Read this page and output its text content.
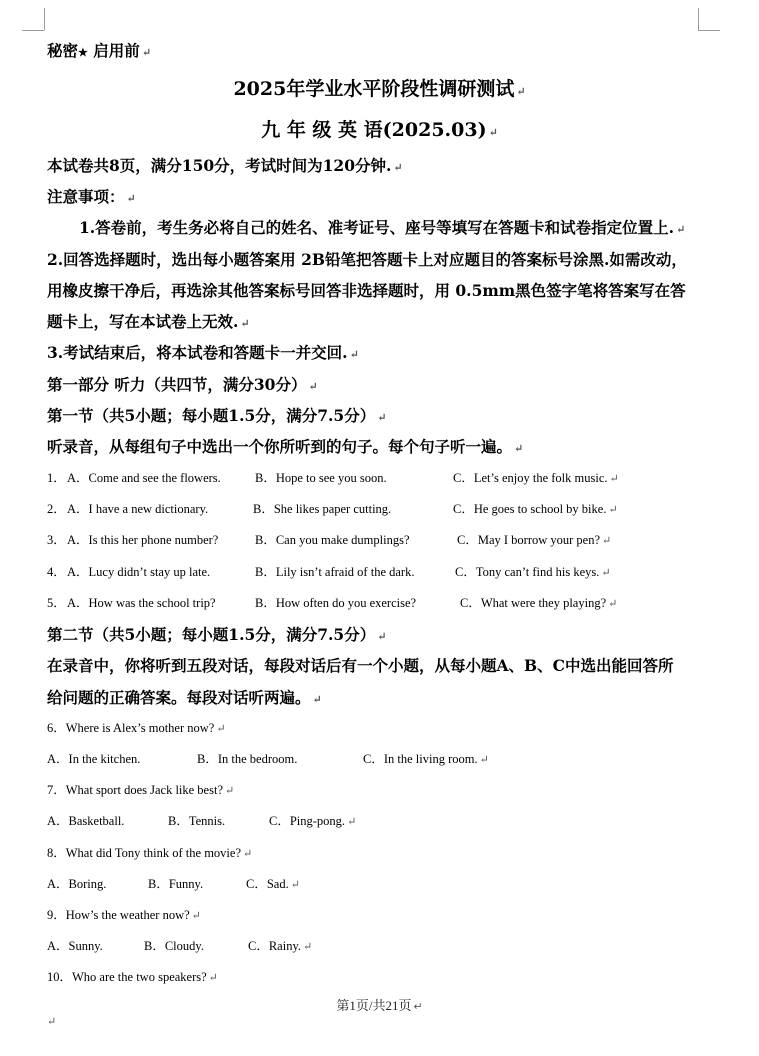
秘密★ 启用前 ↵
2025年学业水平阶段性调研测试 ↵
九 年 级 英 语(2025.03) ↵
本试卷共8页，满分150分，考试时间为120分钟. ↵
注意事项： ↵
1.答卷前，考生务必将自己的姓名、准考证号、座号等填写在答题卡和试卷指定位置上. ↵
2.回答选择题时，选出每小题答案用 2B铅笔把答题卡上对应题目的答案标号涂黑.如需改动，
用橡皮擦干净后，再选涂其他答案标号回答非选择题时，用 0.5mm黑色签字笔将答案写在答
题卡上，写在本试卷上无效. ↵
3.考试结束后，将本试卷和答题卡一并交回. ↵
第一部分 听力（共四节，满分30分） ↵
第一节（共5小题；每小题1.5分，满分7.5分） ↵
听录音，从每组句子中选出一个你所听到的句子。每个句子听一遍。 ↵
1．A．Come and see the flowers.	B．Hope to see you soon.	C．Let’s enjoy the folk music. ↵
2．A．I have a new dictionary.	B．She likes paper cutting.	C．He goes to school by bike. ↵
3．A．Is this her phone number?	B．Can you make dumplings?	C．May I borrow your pen? ↵
4．A．Lucy didn’t stay up late.	B．Lily isn’t afraid of the dark.	C．Tony can’t find his keys. ↵
5．A．How was the school trip?	B．How often do you exercise?	C．What were they playing? ↵
第二节（共5小题；每小题1.5分，满分7.5分） ↵
在录音中，你将听到五段对话，每段对话后有一个小题，从每小题A、B、C中选出能回答所
给问题的正确答案。每段对话听两遍。 ↵
6．Where is Alex’s mother now? ↵
A．In the kitchen.	B．In the bedroom.	C．In the living room. ↵
7．What sport does Jack like best? ↵
A．Basketball.	B．Tennis.	C．Ping-pong. ↵
8．What did Tony think of the movie? ↵
A．Boring.	B．Funny.	C．Sad. ↵
9．How’s the weather now? ↵
A．Sunny.	B．Cloudy.	C．Rainy. ↵
10．Who are the two speakers? ↵
第1页/共21页 ↵
↵
